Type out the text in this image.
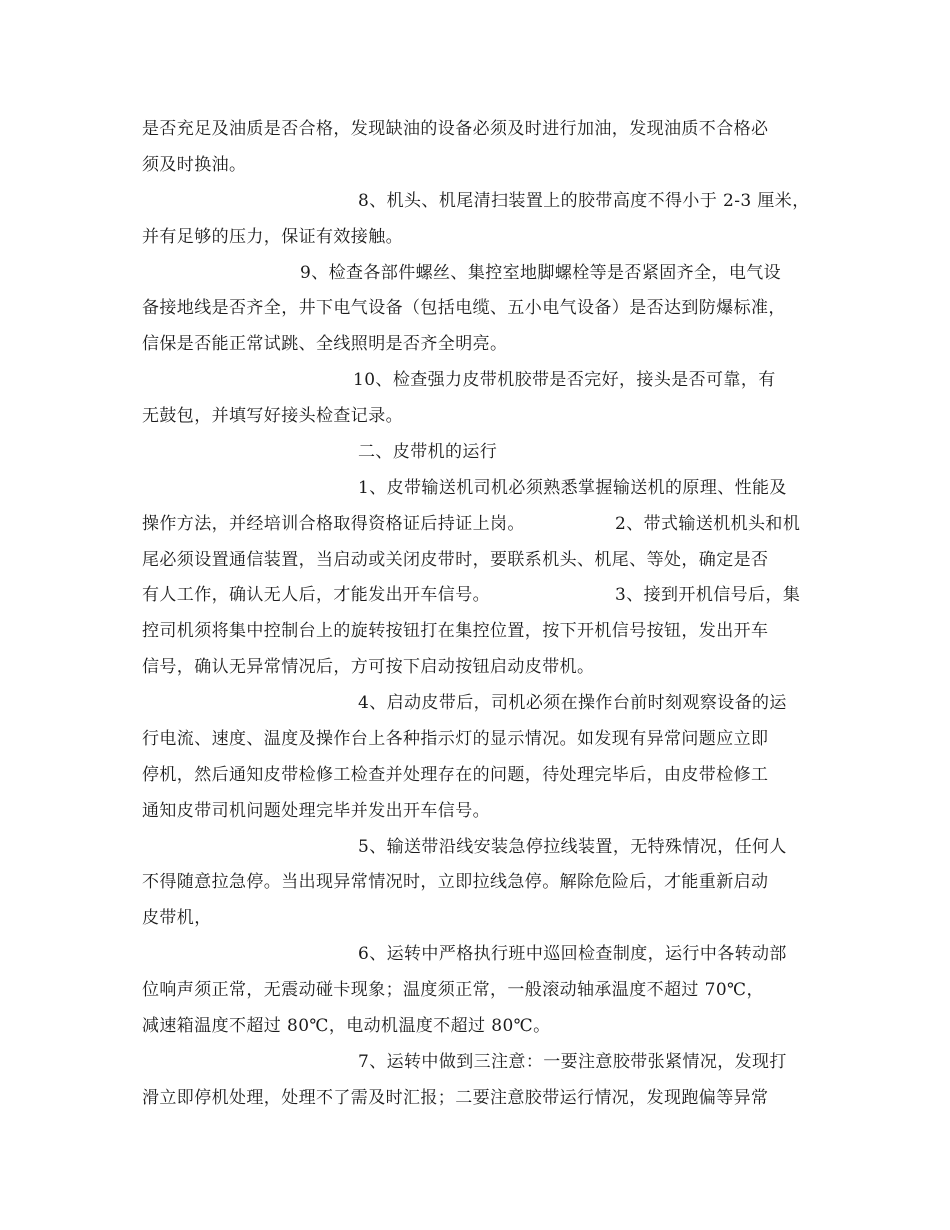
是否充足及油质是否合格，发现缺油的设备必须及时进行加油，发现油质不合格必
须及时换油。
8、机头、机尾清扫装置上的胶带高度不得小于 2-3 厘米，
并有足够的压力，保证有效接触。
9、检查各部件螺丝、集控室地脚螺栓等是否紧固齐全，电气设
备接地线是否齐全，井下电气设备（包括电缆、五小电气设备）是否达到防爆标准，
信保是否能正常试跳、全线照明是否齐全明亮。
10、检查强力皮带机胶带是否完好，接头是否可靠，有
无鼓包，并填写好接头检查记录。
二、皮带机的运行
1、皮带输送机司机必须熟悉掌握输送机的原理、性能及
操作方法，并经培训合格取得资格证后持证上岗。	2、带式输送机机头和机
尾必须设置通信装置，当启动或关闭皮带时，要联系机头、机尾、等处，确定是否
有人工作，确认无人后，才能发出开车信号。	3、接到开机信号后，集
控司机须将集中控制台上的旋转按钮打在集控位置，按下开机信号按钮，发出开车
信号，确认无异常情况后，方可按下启动按钮启动皮带机。
4、启动皮带后，司机必须在操作台前时刻观察设备的运
行电流、速度、温度及操作台上各种指示灯的显示情况。如发现有异常问题应立即
停机，然后通知皮带检修工检查并处理存在的问题，待处理完毕后，由皮带检修工
通知皮带司机问题处理完毕并发出开车信号。
5、输送带沿线安装急停拉线装置，无特殊情况，任何人
不得随意拉急停。当出现异常情况时，立即拉线急停。解除危险后，才能重新启动
皮带机，
6、运转中严格执行班中巡回检查制度，运行中各转动部
位响声须正常，无震动碰卡现象；温度须正常，一般滚动轴承温度不超过 70℃，
减速箱温度不超过 80℃，电动机温度不超过 80℃。
7、运转中做到三注意：一要注意胶带张紧情况，发现打
滑立即停机处理，处理不了需及时汇报；二要注意胶带运行情况，发现跑偏等异常
